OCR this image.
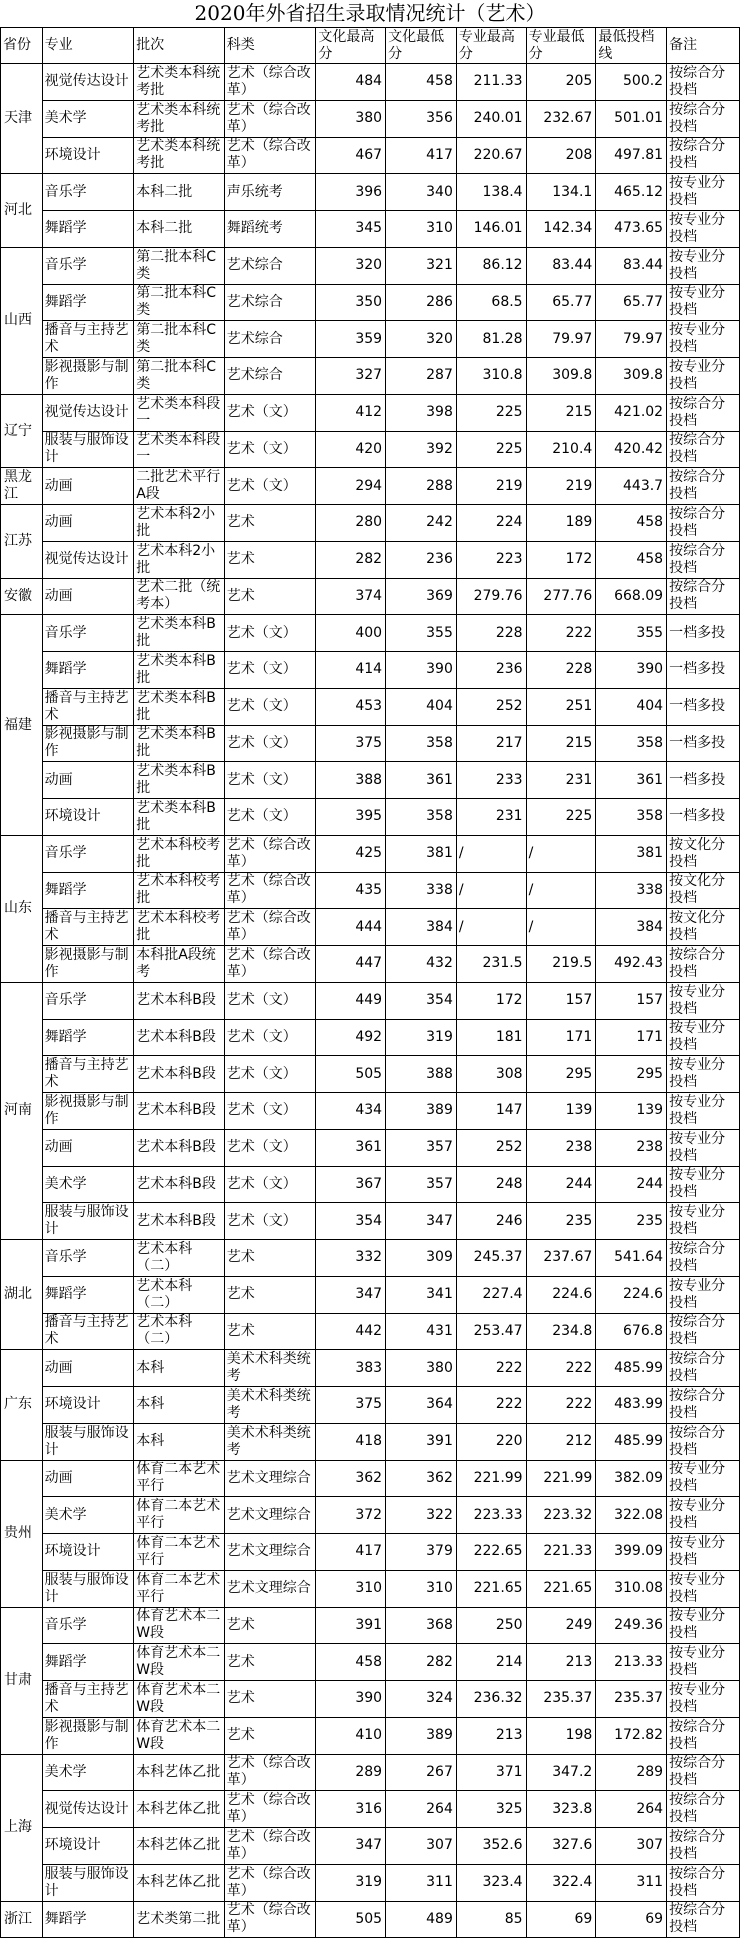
2020年外省招生录取情况统计（艺术）
省份	专业	批次	科类	文化最高分	文化最低分	专业最高分	专业最低分	最低投档线	备注
天津	视觉传达设计	艺术类本科统考批	艺术（综合改革）	484	458	211.33	205	500.2	按综合分投档
	美术学	艺术类本科统考批	艺术（综合改革）	380	356	240.01	232.67	501.01	按综合分投档
	环境设计	艺术类本科统考批	艺术（综合改革）	467	417	220.67	208	497.81	按综合分投档
河北	音乐学	本科二批	声乐统考	396	340	138.4	134.1	465.12	按专业分投档
	舞蹈学	本科二批	舞蹈统考	345	310	146.01	142.34	473.65	按专业分投档
山西	音乐学	第二批本科C类	艺术综合	320	321	86.12	83.44	83.44	按专业分投档
	舞蹈学	第二批本科C类	艺术综合	350	286	68.5	65.77	65.77	按专业分投档
	播音与主持艺术	第二批本科C类	艺术综合	359	320	81.28	79.97	79.97	按专业分投档
	影视摄影与制作	第二批本科C类	艺术综合	327	287	310.8	309.8	309.8	按专业分投档
辽宁	视觉传达设计	艺术类本科段一	艺术（文）	412	398	225	215	421.02	按综合分投档
	服装与服饰设计	艺术类本科段一	艺术（文）	420	392	225	210.4	420.42	按综合分投档
黑龙江	动画	二批艺术平行A段	艺术（文）	294	288	219	219	443.7	按综合分投档
江苏	动画	艺术本科2小批	艺术	280	242	224	189	458	按综合分投档
	视觉传达设计	艺术本科2小批	艺术	282	236	223	172	458	按综合分投档
安徽	动画	艺术二批（统考本）	艺术	374	369	279.76	277.76	668.09	按综合分投档
福建	音乐学	艺术类本科B批	艺术（文）	400	355	228	222	355	一档多投
	舞蹈学	艺术类本科B批	艺术（文）	414	390	236	228	390	一档多投
	播音与主持艺术	艺术类本科B批	艺术（文）	453	404	252	251	404	一档多投
	影视摄影与制作	艺术类本科B批	艺术（文）	375	358	217	215	358	一档多投
	动画	艺术类本科B批	艺术（文）	388	361	233	231	361	一档多投
	环境设计	艺术类本科B批	艺术（文）	395	358	231	225	358	一档多投
山东	音乐学	艺术本科校考批	艺术（综合改革）	425	381	/	/	381	按文化分投档
	舞蹈学	艺术本科校考批	艺术（综合改革）	435	338	/	/	338	按文化分投档
	播音与主持艺术	艺术本科校考批	艺术（综合改革）	444	384	/	/	384	按文化分投档
	影视摄影与制作	本科批A段统考	艺术（综合改革）	447	432	231.5	219.5	492.43	按综合分投档
河南	音乐学	艺术本科B段	艺术（文）	449	354	172	157	157	按专业分投档
	舞蹈学	艺术本科B段	艺术（文）	492	319	181	171	171	按专业分投档
	播音与主持艺术	艺术本科B段	艺术（文）	505	388	308	295	295	按专业分投档
	影视摄影与制作	艺术本科B段	艺术（文）	434	389	147	139	139	按专业分投档
	动画	艺术本科B段	艺术（文）	361	357	252	238	238	按专业分投档
	美术学	艺术本科B段	艺术（文）	367	357	248	244	244	按专业分投档
	服装与服饰设计	艺术本科B段	艺术（文）	354	347	246	235	235	按专业分投档
湖北	音乐学	艺术本科（二）	艺术	332	309	245.37	237.67	541.64	按综合分投档
	舞蹈学	艺术本科（二）	艺术	347	341	227.4	224.6	224.6	按专业分投档
	播音与主持艺术	艺术本科（二）	艺术	442	431	253.47	234.8	676.8	按综合分投档
广东	动画	本科	美术术科类统考	383	380	222	222	485.99	按综合分投档
	环境设计	本科	美术术科类统考	375	364	222	222	483.99	按综合分投档
	服装与服饰设计	本科	美术术科类统考	418	391	220	212	485.99	按综合分投档
贵州	动画	体育二本艺术平行	艺术文理综合	362	362	221.99	221.99	382.09	按专业分投档
	美术学	体育二本艺术平行	艺术文理综合	372	322	223.33	223.32	322.08	按专业分投档
	环境设计	体育二本艺术平行	艺术文理综合	417	379	222.65	221.33	399.09	按专业分投档
	服装与服饰设计	体育二本艺术平行	艺术文理综合	310	310	221.65	221.65	310.08	按专业分投档
甘肃	音乐学	体育艺术本二W段	艺术	391	368	250	249	249.36	按专业分投档
	舞蹈学	体育艺术本二W段	艺术	458	282	214	213	213.33	按专业分投档
	播音与主持艺术	体育艺术本二W段	艺术	390	324	236.32	235.37	235.37	按专业分投档
	影视摄影与制作	体育艺术本二W段	艺术	410	389	213	198	172.82	按综合分投档
上海	美术学	本科艺体乙批	艺术（综合改革）	289	267	371	347.2	289	按综合分投档
	视觉传达设计	本科艺体乙批	艺术（综合改革）	316	264	325	323.8	264	按综合分投档
	环境设计	本科艺体乙批	艺术（综合改革）	347	307	352.6	327.6	307	按综合分投档
	服装与服饰设计	本科艺体乙批	艺术（综合改革）	319	311	323.4	322.4	311	按综合分投档
浙江	舞蹈学	艺术类第二批	艺术（综合改革）	505	489	85	69	69	按综合分投档
